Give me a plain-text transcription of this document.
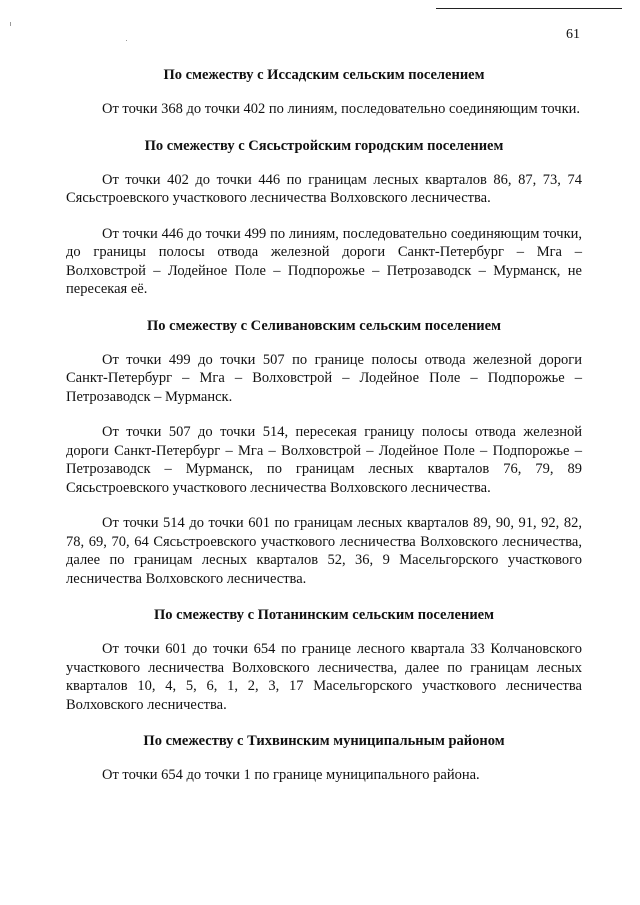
61
По смежеству с Иссадским сельским поселением

От точки 368 до точки 402 по линиям, последовательно соединяющим точки.

По смежеству с Сясьстройским городским поселением

От точки 402 до точки 446 по границам лесных кварталов 86, 87, 73, 74 Сясьстроевского участкового лесничества Волховского лесничества.

От точки 446 до точки 499 по линиям, последовательно соединяющим точки, до границы полосы отвода железной дороги Санкт-Петербург – Мга – Волховстрой – Лодейное Поле – Подпорожье – Петрозаводск – Мурманск, не пересекая её.

По смежеству с Селивановским сельским поселением

От точки 499 до точки 507 по границе полосы отвода железной дороги Санкт-Петербург – Мга – Волховстрой – Лодейное Поле – Подпорожье – Петрозаводск – Мурманск.

От точки 507 до точки 514, пересекая границу полосы отвода железной дороги Санкт-Петербург – Мга – Волховстрой – Лодейное Поле – Подпорожье – Петрозаводск – Мурманск, по границам лесных кварталов 76, 79, 89 Сясьстроевского участкового лесничества Волховского лесничества.

От точки 514 до точки 601 по границам лесных кварталов 89, 90, 91, 92, 82, 78, 69, 70, 64 Сясьстроевского участкового лесничества Волховского лесничества, далее по границам лесных кварталов 52, 36, 9 Масельгорского участкового лесничества Волховского лесничества.

По смежеству с Потанинским сельским поселением

От точки 601 до точки 654 по границе лесного квартала 33 Колчановского участкового лесничества Волховского лесничества, далее по границам лесных кварталов 10, 4, 5, 6, 1, 2, 3, 17 Масельгорского участкового лесничества Волховского лесничества.

По смежеству с Тихвинским муниципальным районом

От точки 654 до точки 1 по границе муниципального района.
